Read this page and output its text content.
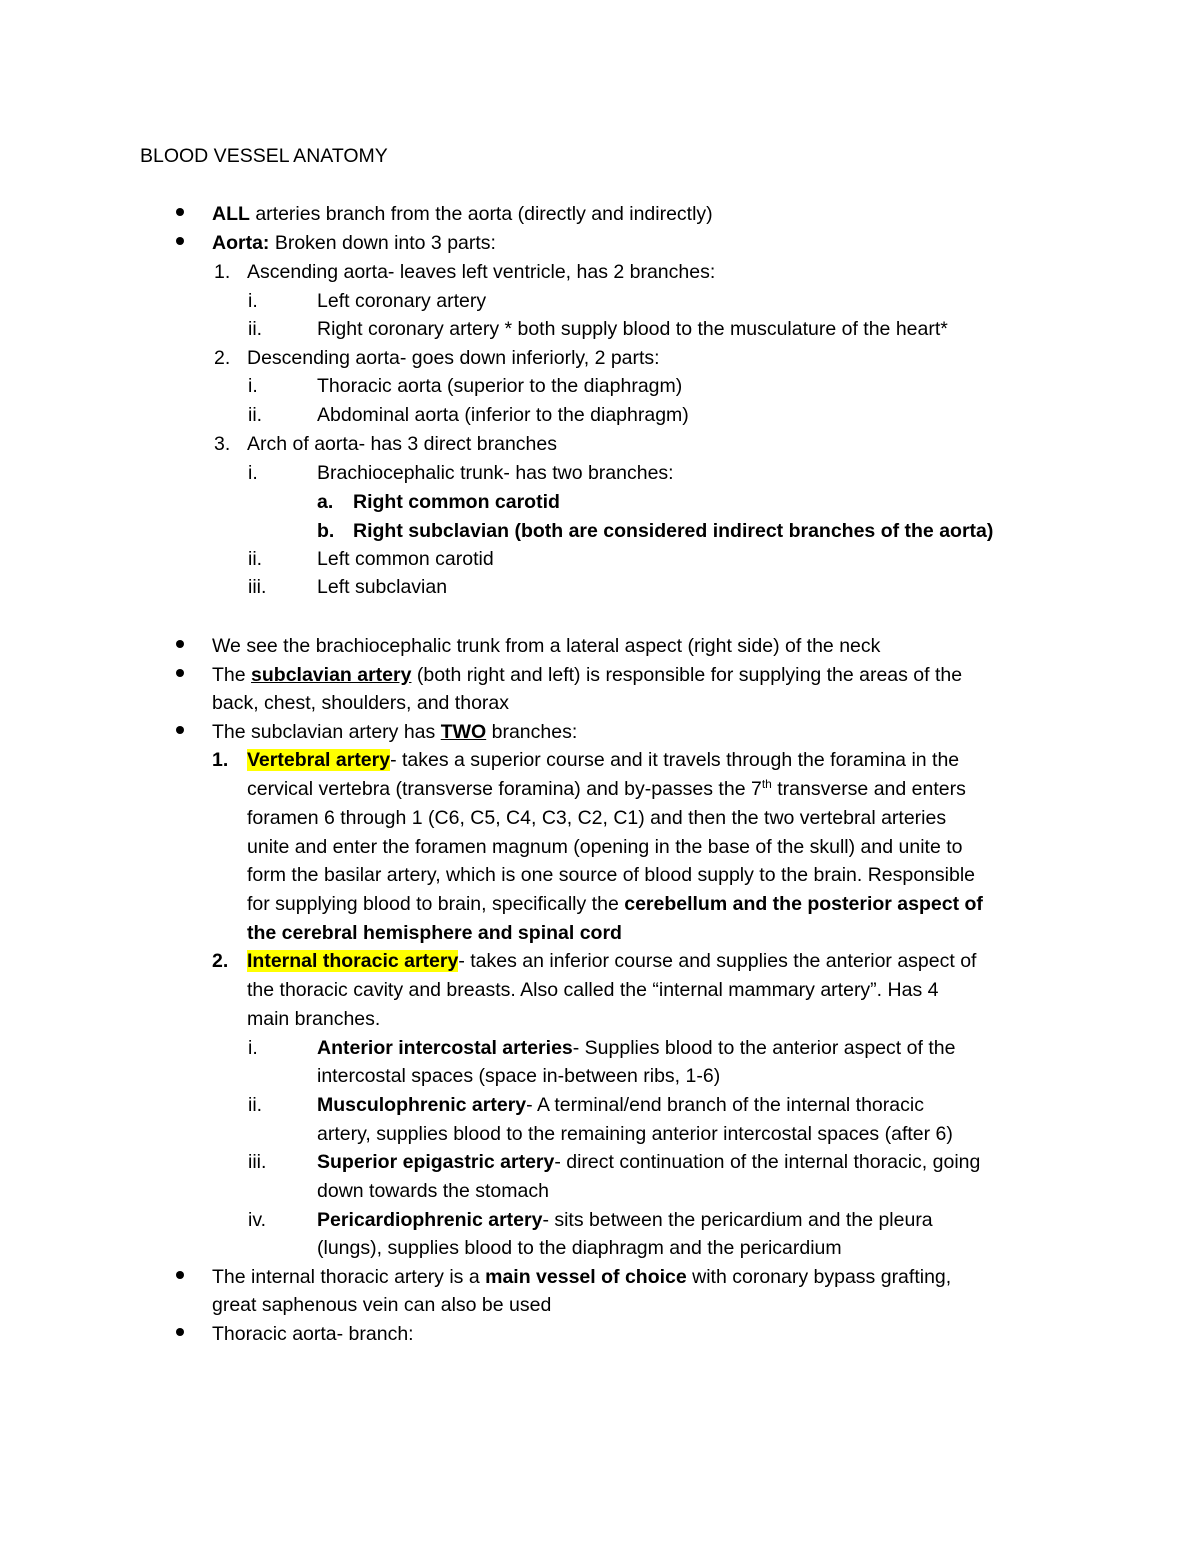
BLOOD VESSEL ANATOMY
ALL arteries branch from the aorta (directly and indirectly)
Aorta: Broken down into 3 parts:
1. Ascending aorta- leaves left ventricle, has 2 branches:
i.	Left coronary artery
ii.	Right coronary artery * both supply blood to the musculature of the heart*
2. Descending aorta- goes down inferiorly, 2 parts:
i.	Thoracic aorta (superior to the diaphragm)
ii.	Abdominal aorta (inferior to the diaphragm)
3. Arch of aorta- has 3 direct branches
i.	Brachiocephalic trunk- has two branches:
a. Right common carotid
b. Right subclavian (both are considered indirect branches of the aorta)
ii.	Left common carotid
iii.	Left subclavian
We see the brachiocephalic trunk from a lateral aspect (right side) of the neck
The subclavian artery (both right and left) is responsible for supplying the areas of the
back, chest, shoulders, and thorax
The subclavian artery has TWO branches:
1. Vertebral artery- takes a superior course and it travels through the foramina in the
cervical vertebra (transverse foramina) and by-passes the 7th transverse and enters
foramen 6 through 1 (C6, C5, C4, C3, C2, C1) and then the two vertebral arteries
unite and enter the foramen magnum (opening in the base of the skull) and unite to
form the basilar artery, which is one source of blood supply to the brain. Responsible
for supplying blood to brain, specifically the cerebellum and the posterior aspect of
the cerebral hemisphere and spinal cord
2. Internal thoracic artery- takes an inferior course and supplies the anterior aspect of
the thoracic cavity and breasts. Also called the “internal mammary artery”. Has 4
main branches.
i.	Anterior intercostal arteries- Supplies blood to the anterior aspect of the
intercostal spaces (space in-between ribs, 1-6)
ii.	Musculophrenic artery- A terminal/end branch of the internal thoracic
artery, supplies blood to the remaining anterior intercostal spaces (after 6)
iii.	Superior epigastric artery- direct continuation of the internal thoracic, going
down towards the stomach
iv.	Pericardiophrenic artery- sits between the pericardium and the pleura
(lungs), supplies blood to the diaphragm and the pericardium
The internal thoracic artery is a main vessel of choice with coronary bypass grafting,
great saphenous vein can also be used
Thoracic aorta- branch:
